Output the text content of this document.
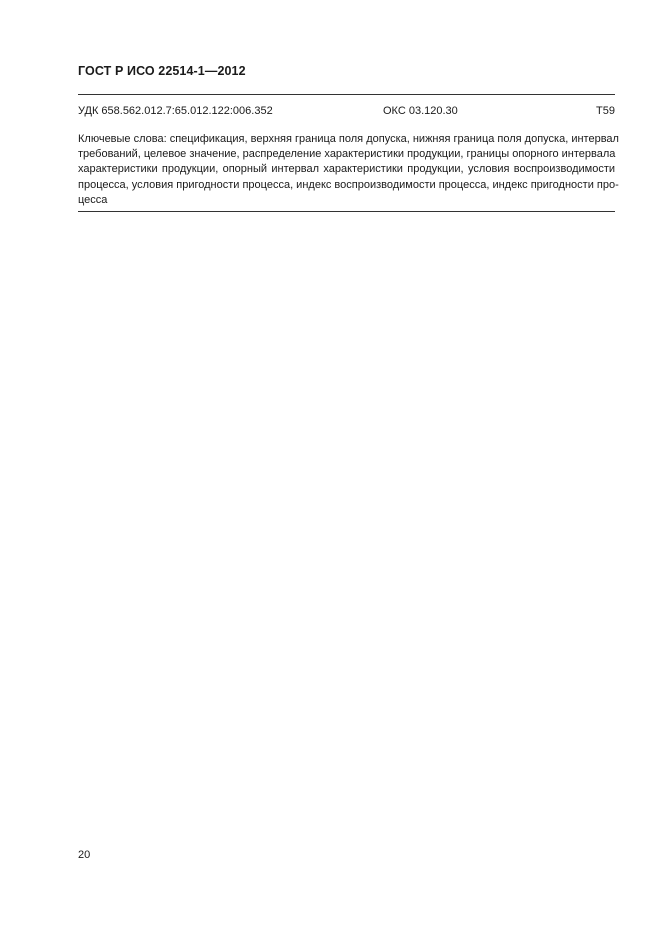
ГОСТ Р ИСО 22514-1—2012
УДК 658.562.012.7:65.012.122:006.352	ОКС 03.120.30	Т59
Ключевые слова: спецификация, верхняя граница поля допуска, нижняя граница поля допуска, интервал
требований, целевое значение, распределение характеристики продукции, границы опорного интервала
характеристики продукции, опорный интервал характеристики продукции, условия воспроизводимости
процесса, условия пригодности процесса, индекс воспроизводимости процесса, индекс пригодности про-
цесса
20
